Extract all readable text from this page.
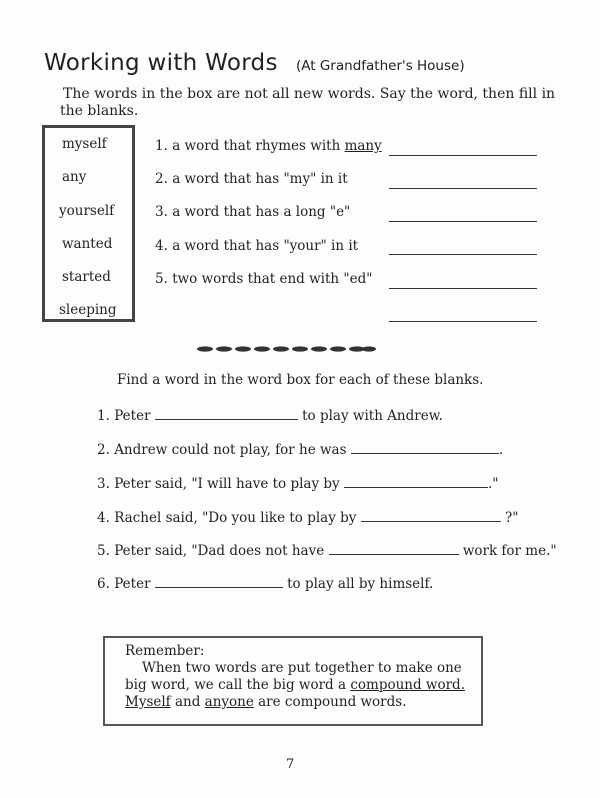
Working with Words (At Grandfather's House)
The words in the box are not all new words. Say the word, then fill in
the blanks.
myself
any
yourself
wanted
started
sleeping
1. a word that rhymes with many
2. a word that has "my" in it
3. a word that has a long "e"
4. a word that has "your" in it
5. two words that end with "ed"
Find a word in the word box for each of these blanks.
1. Peter	to play with Andrew.
2. Andrew could not play, for he was	.
3. Peter said, "I will have to play by	."
4. Rachel said, "Do you like to play by	?"
5. Peter said, "Dad does not have	work for me."
6. Peter	to play all by himself.
Remember:
When two words are put together to make one
big word, we call the big word a compound word.
Myself and anyone are compound words.
7
